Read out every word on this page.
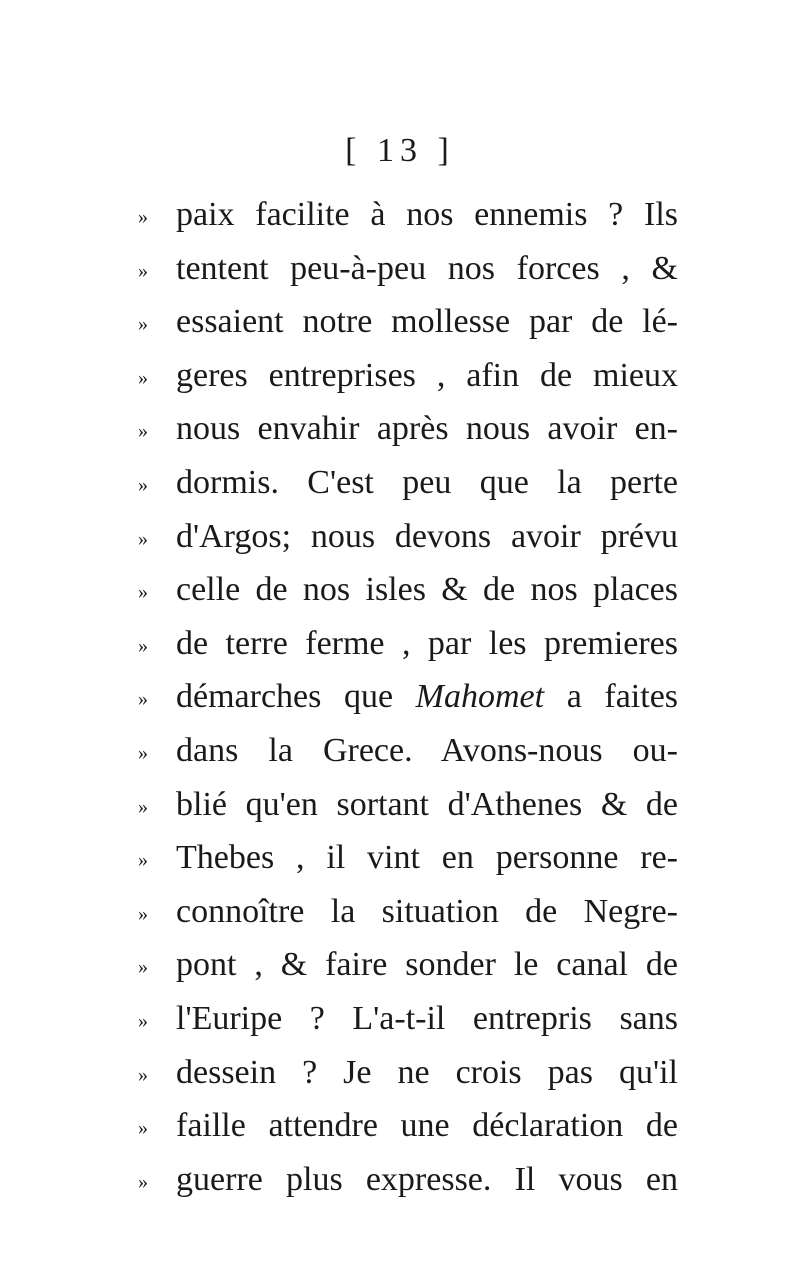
[ 13 ]
» paix facilite à nos ennemis ? Ils
» tentent peu-à-peu nos forces , &
» essaient notre mollesse par de lé-
» geres entreprises , afin de mieux
» nous envahir après nous avoir en-
» dormis. C'est peu que la perte
» d'Argos; nous devons avoir prévu
» celle de nos isles & de nos places
» de terre ferme , par les premieres
» démarches que Mahomet a faites
» dans la Grece. Avons-nous ou-
» blié qu'en sortant d'Athenes & de
» Thebes , il vint en personne re-
» connoître la situation de Negre-
» pont , & faire sonder le canal de
» l'Euripe ? L'a-t-il entrepris sans
» dessein ? Je ne crois pas qu'il
» faille attendre une déclaration de
» guerre plus expresse. Il vous en
